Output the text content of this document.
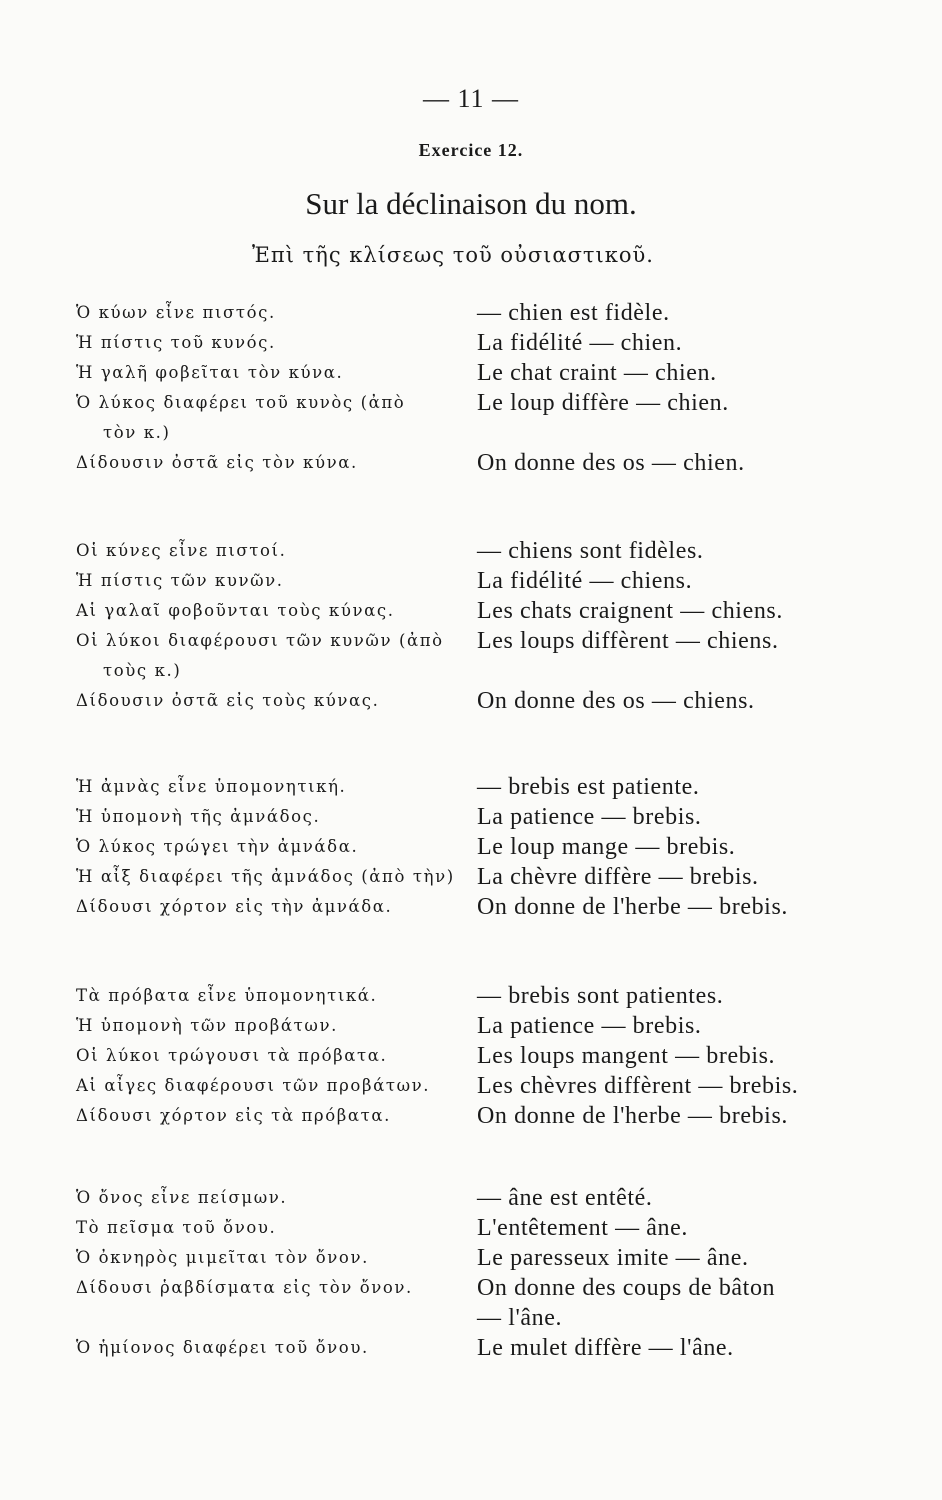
— 11 —
Exercice 12.
Sur la déclinaison du nom.
Ἐπὶ τῆς κλίσεως τοῦ οὐσιαστικοῦ.
Ὁ κύων εἶνε πιστός.	— chien est fidèle.
Ἡ πίστις τοῦ κυνός.	La fidélité — chien.
Ἡ γαλῆ φοβεῖται τὸν κύνα.	Le chat craint — chien.
Ὁ λύκος διαφέρει τοῦ κυνὸς (ἀπὸ	Le loup diffère — chien.
τὸν κ.)
Δίδουσιν ὀστᾶ εἰς τὸν κύνα.	On donne des os — chien.
Οἱ κύνες εἶνε πιστοί.	— chiens sont fidèles.
Ἡ πίστις τῶν κυνῶν.	La fidélité — chiens.
Αἱ γαλαῖ φοβοῦνται τοὺς κύνας.	Les chats craignent — chiens.
Οἱ λύκοι διαφέρουσι τῶν κυνῶν (ἀπὸ Les loups diffèrent — chiens.
τοὺς κ.)
Δίδουσιν ὀστᾶ εἰς τοὺς κύνας.	On donne des os — chiens.
Ἡ ἀμνὰς εἶνε ὑπομονητική.	— brebis est patiente.
Ἡ ὑπομονὴ τῆς ἀμνάδος.	La patience — brebis.
Ὁ λύκος τρώγει τὴν ἀμνάδα.	Le loup mange — brebis.
Ἡ αἶξ διαφέρει τῆς ἀμνάδος (ἀπὸ τὴν) La chèvre diffère — brebis.
Δίδουσι χόρτον εἰς τὴν ἀμνάδα.	On donne de l'herbe — brebis.
Τὰ πρόβατα εἶνε ὑπομονητικά.	— brebis sont patientes.
Ἡ ὑπομονὴ τῶν προβάτων.	La patience — brebis.
Οἱ λύκοι τρώγουσι τὰ πρόβατα.	Les loups mangent — brebis.
Αἱ αἶγες διαφέρουσι τῶν προβάτων. Les chèvres diffèrent — brebis.
Δίδουσι χόρτον εἰς τὰ πρόβατα.	On donne de l'herbe — brebis.
Ὁ ὄνος εἶνε πείσμων.	— âne est entêté.
Τὸ πεῖσμα τοῦ ὄνου.	L'entêtement — âne.
Ὁ ὀκνηρὸς μιμεῖται τὸν ὄνον.	Le paresseux imite — âne.
Δίδουσι ῥαβδίσματα εἰς τὸν ὄνον.	On donne des coups de bâton
— l'âne.
Ὁ ἡμίονος διαφέρει τοῦ ὄνου.	Le mulet diffère — l'âne.
